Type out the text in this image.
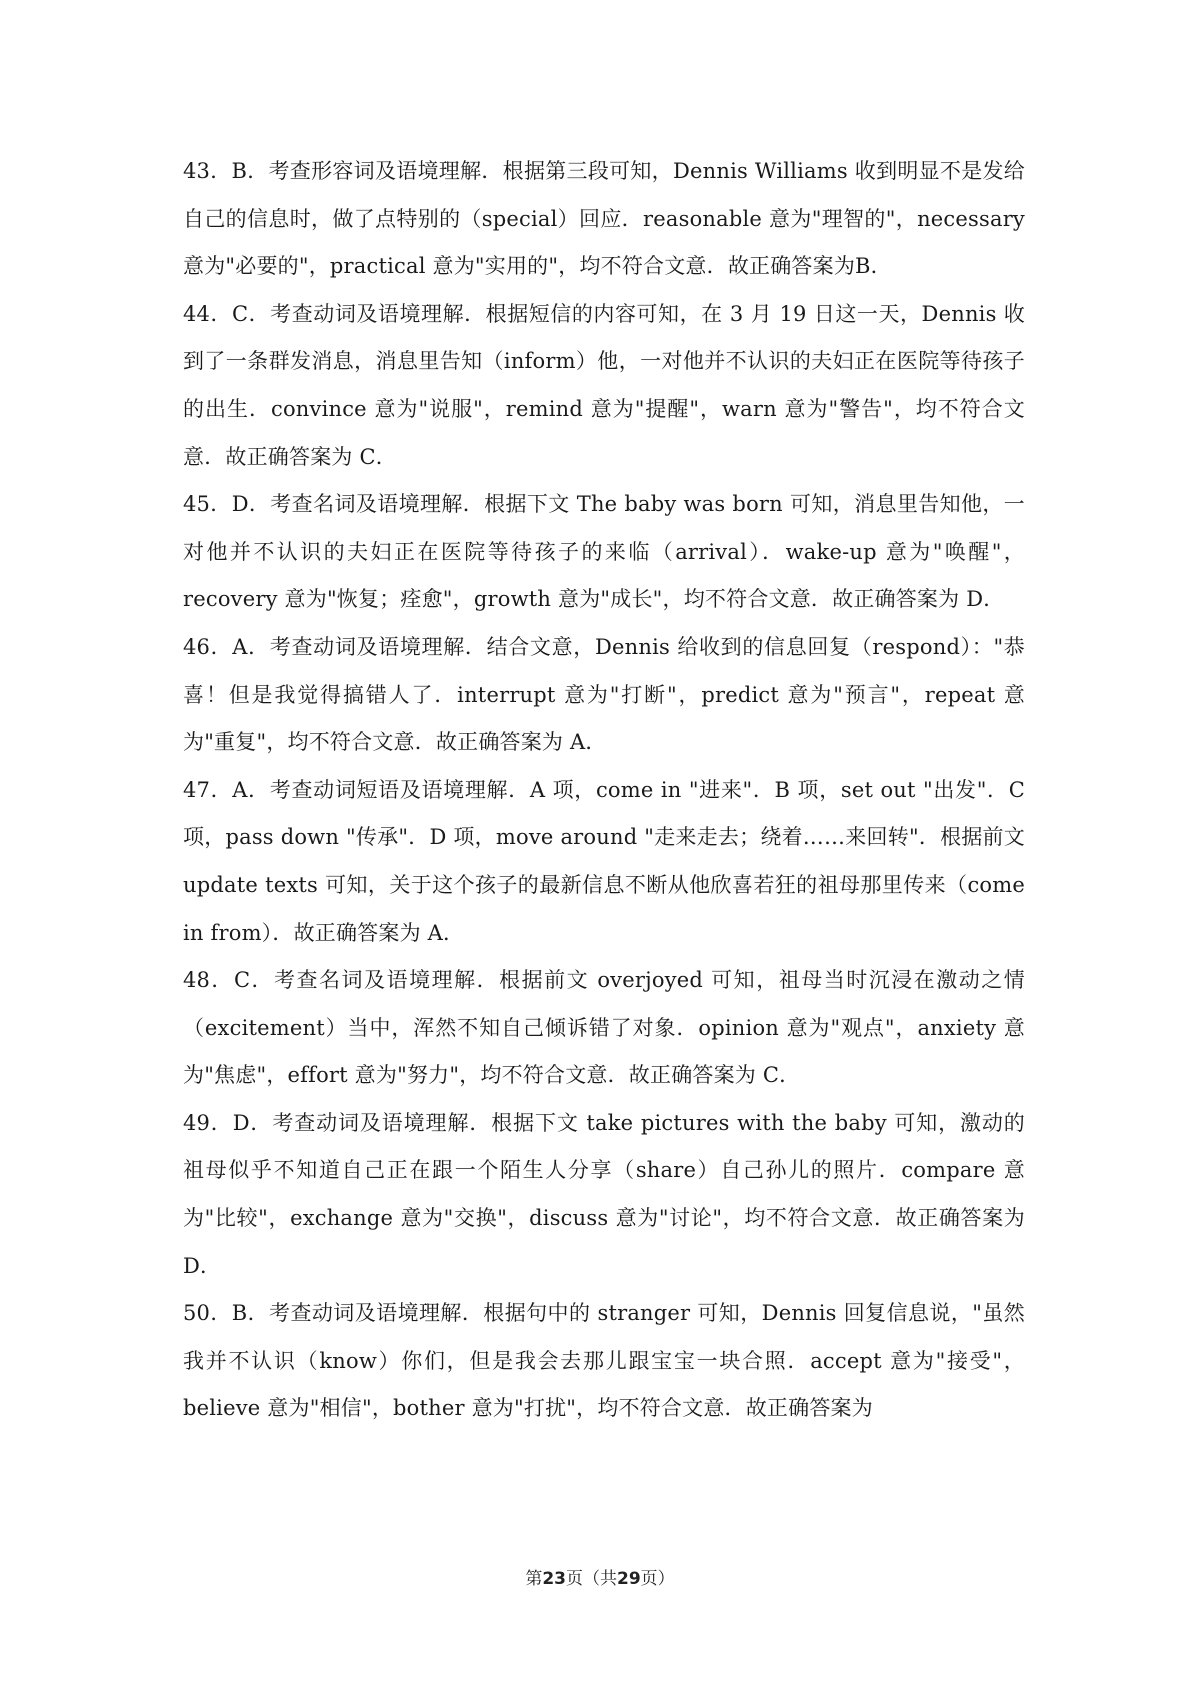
43．B．考查形容词及语境理解．根据第三段可知，Dennis Williams 收到明显不是发给自己的信息时，做了点特别的（special）回应．reasonable 意为"理智的"，necessary 意为"必要的"，practical 意为"实用的"，均不符合文意．故正确答案为B．

44．C．考查动词及语境理解．根据短信的内容可知，在 3 月 19 日这一天，Dennis 收到了一条群发消息，消息里告知（inform）他，一对他并不认识的夫妇正在医院等待孩子的出生．convince 意为"说服"，remind 意为"提醒"，warn 意为"警告"，均不符合文意．故正确答案为 C．

45．D．考查名词及语境理解．根据下文 The baby was born 可知，消息里告知他，一对他并不认识的夫妇正在医院等待孩子的来临（arrival）．wake-up 意为"唤醒"，recovery 意为"恢复；痊愈"，growth 意为"成长"，均不符合文意．故正确答案为 D．

46．A．考查动词及语境理解．结合文意，Dennis 给收到的信息回复（respond）："恭喜！但是我觉得搞错人了．interrupt 意为"打断"，predict 意为"预言"，repeat 意为"重复"，均不符合文意．故正确答案为 A．

47．A．考查动词短语及语境理解．A 项，come in "进来"．B 项，set out "出发"．C 项，pass down "传承"．D 项，move around "走来走去；绕着……来回转"．根据前文 update texts 可知，关于这个孩子的最新信息不断从他欣喜若狂的祖母那里传来（come in from）．故正确答案为 A．

48．C．考查名词及语境理解．根据前文 overjoyed 可知，祖母当时沉浸在激动之情（excitement）当中，浑然不知自己倾诉错了对象．opinion 意为"观点"，anxiety 意为"焦虑"，effort 意为"努力"，均不符合文意．故正确答案为 C．

49．D．考查动词及语境理解．根据下文 take pictures with the baby 可知，激动的祖母似乎不知道自己正在跟一个陌生人分享（share）自己孙儿的照片．compare 意为"比较"，exchange 意为"交换"，discuss 意为"讨论"，均不符合文意．故正确答案为 D．

50．B．考查动词及语境理解．根据句中的 stranger 可知，Dennis 回复信息说，"虽然我并不认识（know）你们，但是我会去那儿跟宝宝一块合照．accept 意为"接受"，believe 意为"相信"，bother 意为"打扰"，均不符合文意．故正确答案为

第23页（共29页）
